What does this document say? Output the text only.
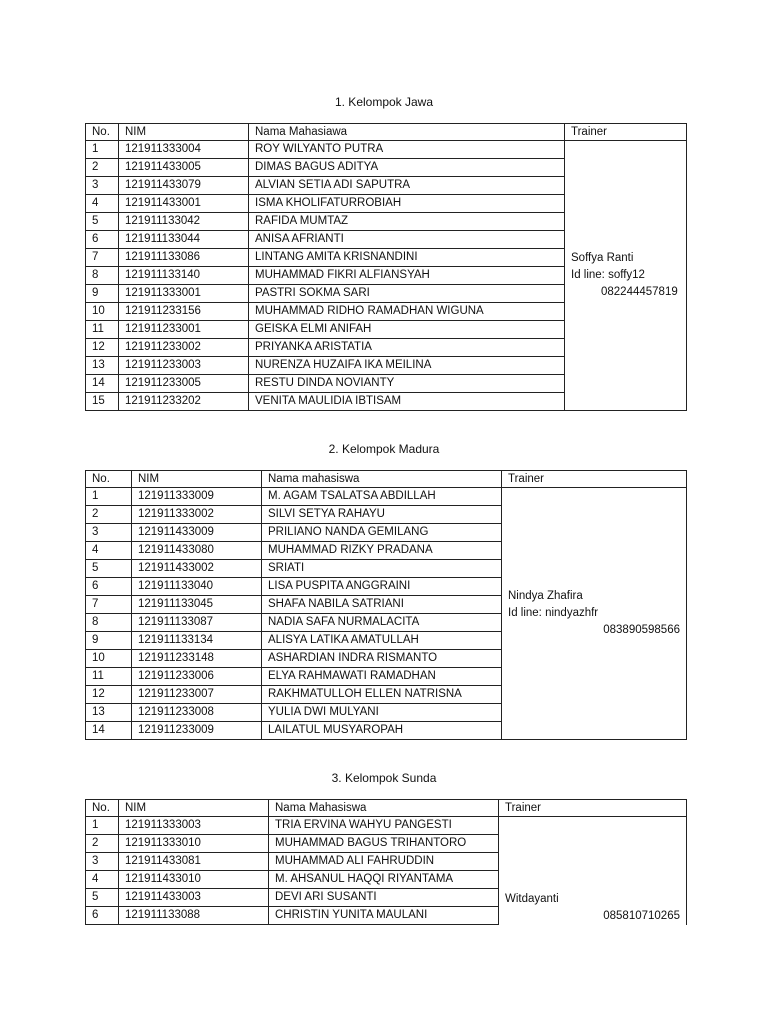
1. Kelompok Jawa
No.	NIM	Nama Mahasiawa	Trainer
1	121911333004	ROY WILYANTO PUTRA	Soffya Ranti
Id line: soffy12
082244457819

2	121911433005	DIMAS BAGUS ADITYA	
3	121911433079	ALVIAN SETIA ADI SAPUTRA	
4	121911433001	ISMA KHOLIFATURROBIAH	
5	121911133042	RAFIDA MUMTAZ	
6	121911133044	ANISA AFRIANTI	
7	121911133086	LINTANG AMITA KRISNANDINI	
8	121911133140	MUHAMMAD FIKRI ALFIANSYAH	
9	121911333001	PASTRI SOKMA SARI	
10	121911233156	MUHAMMAD RIDHO RAMADHAN WIGUNA	
11	121911233001	GEISKA ELMI ANIFAH	
12	121911233002	PRIYANKA ARISTATIA	
13	121911233003	NURENZA HUZAIFA IKA MEILINA	
14	121911233005	RESTU DINDA NOVIANTY	
15	121911233202	VENITA MAULIDIA IBTISAM	
2. Kelompok Madura
No.	NIM	Nama mahasiswa	Trainer
1	121911333009	M. AGAM TSALATSA ABDILLAH	Nindya Zhafira
Id line: nindyazhfr
083890598566

2	121911333002	SILVI SETYA RAHAYU	
3	121911433009	PRILIANO NANDA GEMILANG	
4	121911433080	MUHAMMAD RIZKY PRADANA	
5	121911433002	SRIATI	
6	121911133040	LISA PUSPITA ANGGRAINI	
7	121911133045	SHAFA NABILA SATRIANI	
8	121911133087	NADIA SAFA NURMALACITA	
9	121911133134	ALISYA LATIKA AMATULLAH	
10	121911233148	ASHARDIAN INDRA RISMANTO	
11	121911233006	ELYA RAHMAWATI RAMADHAN	
12	121911233007	RAKHMATULLOH ELLEN NATRISNA	
13	121911233008	YULIA DWI MULYANI	
14	121911233009	LAILATUL MUSYAROPAH	
3. Kelompok Sunda
No.	NIM	Nama Mahasiswa	Trainer
1	121911333003	TRIA ERVINA WAHYU PANGESTI	Witdayanti
085810710265

2	121911333010	MUHAMMAD BAGUS TRIHANTORO	
3	121911433081	MUHAMMAD ALI FAHRUDDIN	
4	121911433010	M. AHSANUL HAQQI RIYANTAMA	
5	121911433003	DEVI ARI SUSANTI	
6	121911133088	CHRISTIN YUNITA MAULANI	
